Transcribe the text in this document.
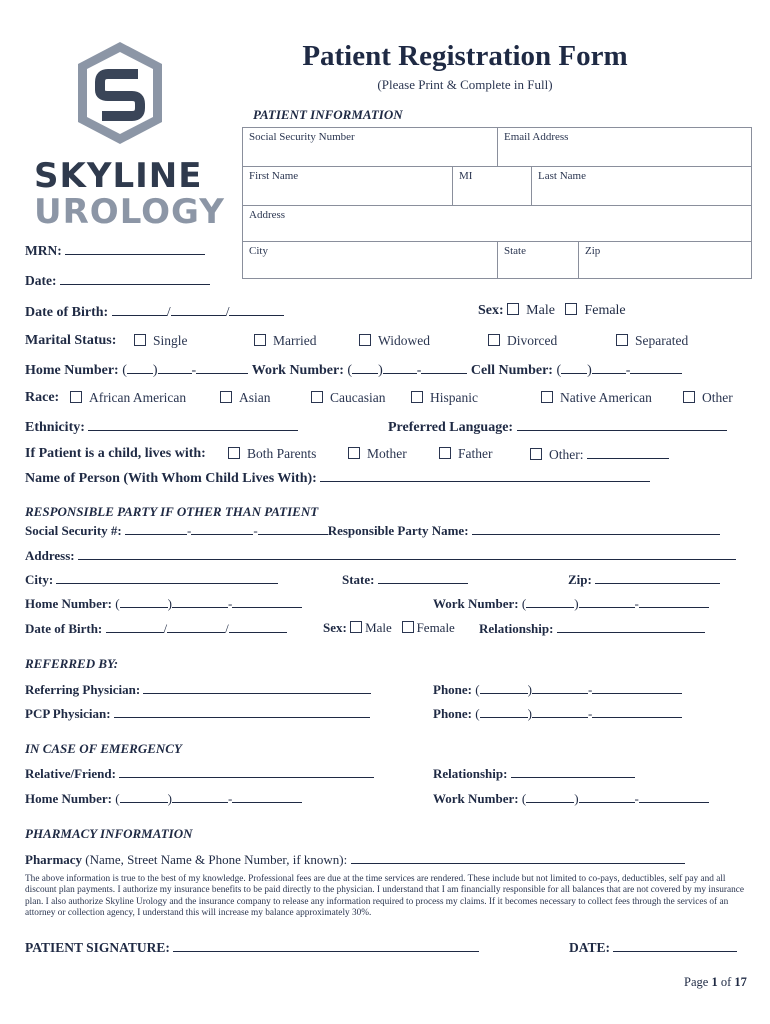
SKYLINE
UROLOGY
Patient Registration Form
(Please Print & Complete in Full)
PATIENT INFORMATION
Social Security Number	Email Address
First Name	MI	Last Name
Address
City	State	Zip
MRN:
Date:
Date of Birth:	/	/	Sex: Male Female
Marital Status:	Single	Married	Widowed	Divorced	Separated
Home Number: ( ) -	Work Number: ( ) -	Cell Number: ( ) -
Race:	African American	Asian	Caucasian	Hispanic	Native American	Other
Ethnicity:	Preferred Language:
If Patient is a child, lives with:	Both Parents	Mother	Father	Other:
Name of Person (With Whom Child Lives With):
RESPONSIBLE PARTY IF OTHER THAN PATIENT
Social Security #:	-	-	Responsible Party Name:
Address:
City:	State:	Zip:
Home Number: (	)	-	Work Number: (	)	-
Date of Birth:	/	/	Sex: Male Female Relationship:
REFERRED BY:
Referring Physician:	Phone: (	)	-
PCP Physician:	Phone: (	)	-
IN CASE OF EMERGENCY
Relative/Friend:	Relationship:
Home Number: (	)	-	Work Number: (	)	-
PHARMACY INFORMATION
Pharmacy (Name, Street Name & Phone Number, if known):
The above information is true to the best of my knowledge. Professional fees are due at the time services are rendered. These include but not limited to co-pays, deductibles, self pay and all discount plan payments. I authorize my insurance benefits to be paid directly to the physician. I understand that I am financially responsible for all balances that are not covered by my insurance plan. I also authorize Skyline Urology and the insurance company to release any information required to process my claims. If it becomes necessary to collect fees through the services of an attorney or collection agency, I understand this will increase my balance approximately 30%.
PATIENT SIGNATURE:	DATE:
Page 1 of 17
